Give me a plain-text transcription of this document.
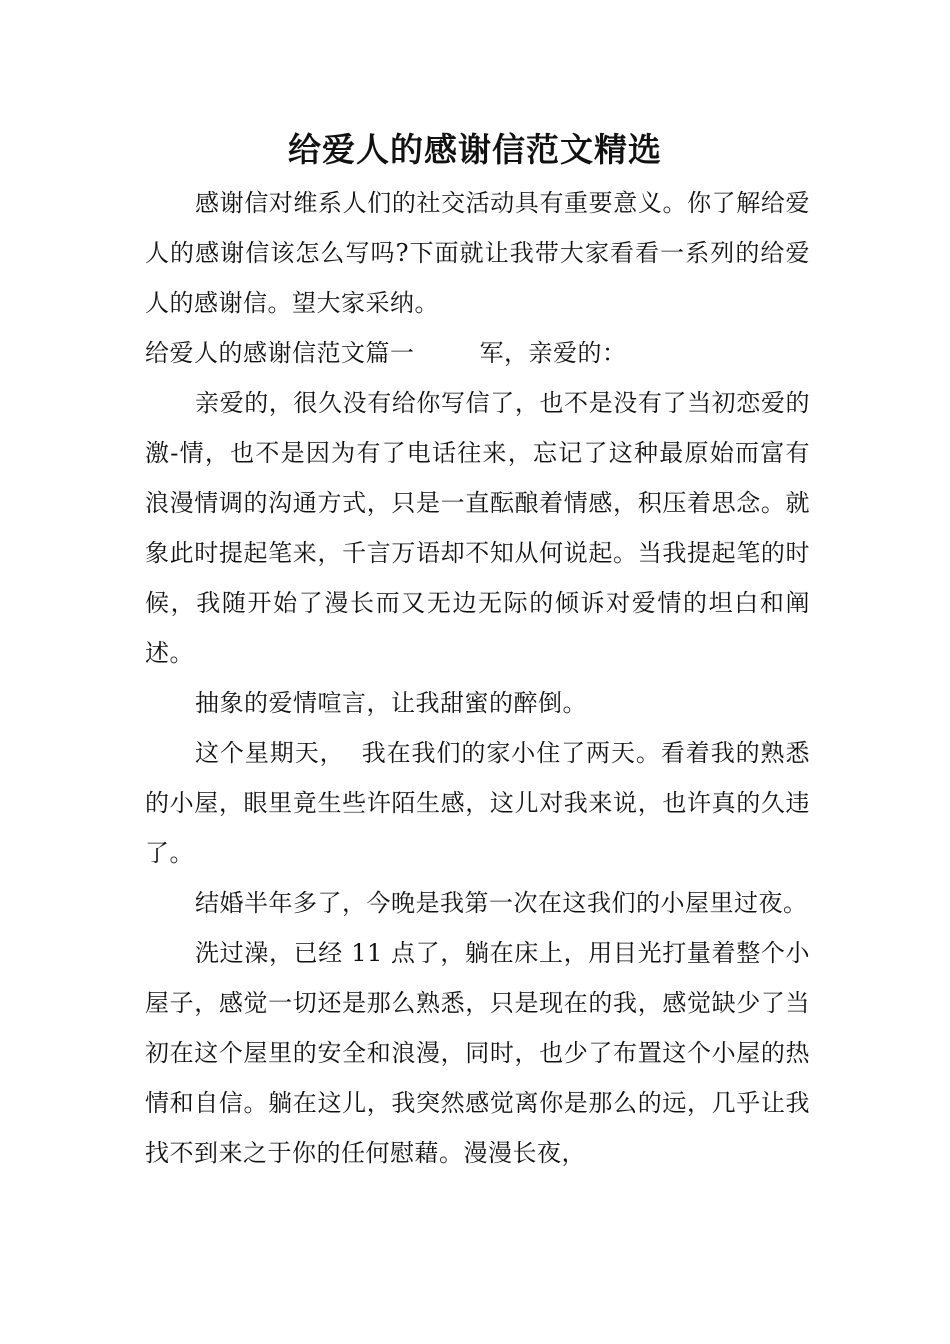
给爱人的感谢信范文精选

感谢信对维系人们的社交活动具有重要意义。你了解给爱人的感谢信该怎么写吗?下面就让我带大家看看一系列的给爱人的感谢信。望大家采纳。

给爱人的感谢信范文篇一	军，亲爱的：

亲爱的，很久没有给你写信了，也不是没有了当初恋爱的激-情，也不是因为有了电话往来，忘记了这种最原始而富有浪漫情调的沟通方式，只是一直酝酿着情感，积压着思念。就象此时提起笔来，千言万语却不知从何说起。当我提起笔的时候，我随开始了漫长而又无边无际的倾诉对爱情的坦白和阐述。

抽象的爱情喧言，让我甜蜜的醉倒。

这个星期天，  我在我们的家小住了两天。看着我的熟悉的小屋，眼里竟生些许陌生感，这儿对我来说，也许真的久违了。

结婚半年多了，今晚是我第一次在这我们的小屋里过夜。

洗过澡，已经 11 点了，躺在床上，用目光打量着整个小屋子，感觉一切还是那么熟悉，只是现在的我，感觉缺少了当初在这个屋里的安全和浪漫，同时，也少了布置这个小屋的热情和自信。躺在这儿，我突然感觉离你是那么的远，几乎让我找不到来之于你的任何慰藉。漫漫长夜，
